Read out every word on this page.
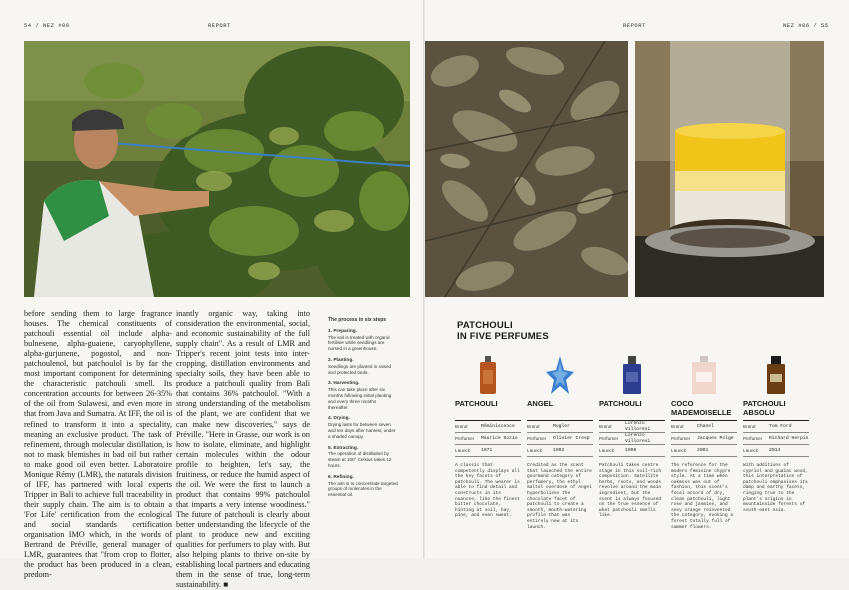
54 / NEZ #06	REPORT
before sending them to large fragrance houses. The chemical constituents of patchouli essential oil include alpha-bulnesene, alpha-guaiene, caryophyllene, alpha-gurjunene, pogostol, and non-patchoulenol, but patchoulol is by far the most important component for determining the characteristic patchouli smell. Its concentration accounts for between 26-35% of the oil from Sulawesi, and even more in that from Java and Sumatra. At IFF, the oil is refined to transform it into a speciality, meaning an exclusive product. The task of refinement, through molecular distillation, is not to mask blemishes in bad oil but rather to make good oil even better. Laboratoire Monique Rémy (LMR), the naturals division of IFF, has partnered with local experts Tripper in Bali to achieve full traceability in their supply chain. The aim is to obtain a 'For Life' certification from the ecological and social standards certification organisation IMO which, in the words of Bertrand de Préville, general manager of LMR, guarantees that "from crop to flotter, the product has been produced in a clean, predom-
inantly organic way, taking into consideration the environmental, social, and economic sustainability of the full supply chain". As a result of LMR and Tripper's recent joint tests into inter-cropping, distillation environments and specialty soils, they have been able to produce a patchouli quality from Bali that contains 36% patchoulol. "With a strong understanding of the metabolism of the plant, we are confident that we can make new discoveries," says de Préville. "Here in Grasse, our work is on how to isolate, eliminate, and highlight certain molecules within the odour profile to heighten, let's say, the fruitiness, or reduce the humid aspect of the oil. We were the first to launch a product that contains 99% patchoulol that imparts a very intense woodiness." The future of patchouli is clearly about better understanding the lifecycle of the plant to produce new and exciting qualities for perfumers to play with. But also helping plants to thrive on-site by establishing local partners and educating them in the sense of true, long-term sustainability. ■
The process in six steps
1. Preparing.
The soil is treated with organic fertiliser while seedlings are nursed in a greenhouse.
2. Planting.
Seedlings are planted in raised and protected beds.
3. Harvesting.
This can take place after six months following initial planting and every three months thereafter.
4. Drying.
Drying lasts for between seven and ten days after harvest, under a shaded canopy.
5. Extracting.
The operation of distillation by steam at 100° Celsius takes 12 hours.
6. Refining.
The aim is to concentrate targeted groups of molecules in the essential oil.
REPORT	NEZ #06 / 55
PATCHOULI
IN FIVE PERFUMES
PATCHOULI
Brand	Réminiscence
Perfumer	Maurice Sozio
Launch	1971
A classic that competently displays all the key facets of patchouli. The wearer is able to find detail and constructs in its nuances, like the finest bitter chocolate, hinting at soil, hay, pine, and even sweat.
ANGEL
Brand	Mugler
Perfumer	Olivier Cresp
Launch	1992
Credited as the scent that launched the entire gourmand category of perfumery, the ethyl maltol overdose of Angel hyperbolises the chocolate facet of patchouli to create a smooth, mouth-watering profile that was entirely new at its launch.
PATCHOULI
Brand
Lorenzo Villoresi
Perfumer
Lorenzo Villoresi
Launch	1996
Patchouli takes centre stage in this soil-rich composition. Satellite herbs, roots, and woods revolve around the main ingredient, but the scent is always focused on the true essence of what patchouli smells like.
COCO MADEMOISELLE
Brand	Chanel
Perfumer	Jacques Polge
Launch	2001
The reference for the modern feminine chypre style. At a time when oakmoss was out of fashion, this scent's focal accord of dry, clean patchouli, light rose and jasmine, and sexy orange reinvented the category, evoking a forest totally full of summer flowers.
PATCHOULI ABSOLU
Brand	Tom Ford
Perfumer	Richard Herpin
Launch	2014
With additions of cypriol and guaiac wood, this interpretation of patchouli emphasises its damp and earthy facets, ringing true to the plant's origins in mountainside forests of south-east Asia.
